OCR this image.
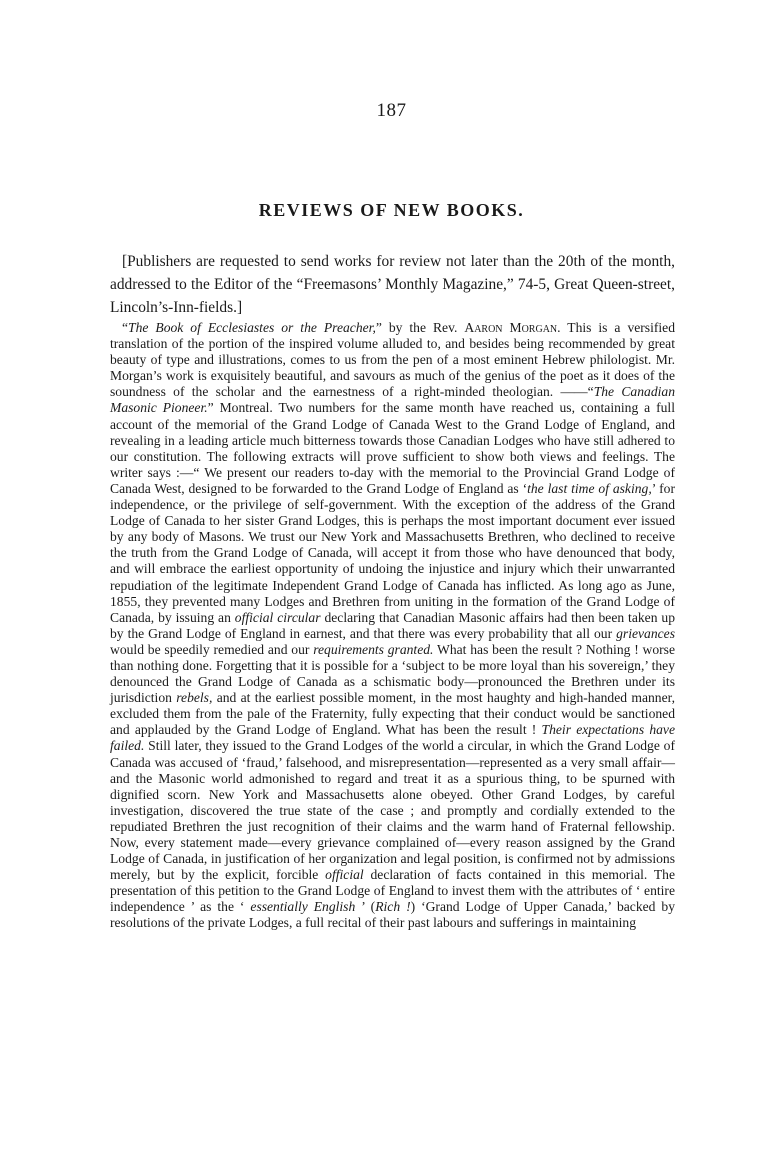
187
REVIEWS OF NEW BOOKS.

[Publishers are requested to send works for review not later than the 20th of the month, addressed to the Editor of the “Freemasons’ Monthly Magazine,” 74-5, Great Queen-street, Lincoln’s-Inn-fields.]

“The Book of Ecclesiastes or the Preacher,” by the Rev. Aaron Morgan. This is a versified translation of the portion of the inspired volume alluded to, and besides being recommended by great beauty of type and illustrations, comes to us from the pen of a most eminent Hebrew philologist. Mr. Morgan’s work is exquisitely beautiful, and savours as much of the genius of the poet as it does of the soundness of the scholar and the earnestness of a right-minded theologian. ——“The Canadian Masonic Pioneer.” Montreal. Two numbers for the same month have reached us, containing a full account of the memorial of the Grand Lodge of Canada West to the Grand Lodge of England, and revealing in a leading article much bitterness towards those Canadian Lodges who have still adhered to our constitution. The following extracts will prove sufficient to show both views and feelings. The writer says :—“ We present our readers to-day with the memorial to the Provincial Grand Lodge of Canada West, designed to be forwarded to the Grand Lodge of England as ‘the last time of asking,’ for independence, or the privilege of self-government. With the exception of the address of the Grand Lodge of Canada to her sister Grand Lodges, this is perhaps the most important document ever issued by any body of Masons. We trust our New York and Massachusetts Brethren, who declined to receive the truth from the Grand Lodge of Canada, will accept it from those who have denounced that body, and will embrace the earliest opportunity of undoing the injustice and injury which their unwarranted repudiation of the legitimate Independent Grand Lodge of Canada has inflicted. As long ago as June, 1855, they prevented many Lodges and Brethren from uniting in the formation of the Grand Lodge of Canada, by issuing an official circular declaring that Canadian Masonic affairs had then been taken up by the Grand Lodge of England in earnest, and that there was every probability that all our grievances would be speedily remedied and our requirements granted. What has been the result ? Nothing ! worse than nothing done. Forgetting that it is possible for a ‘subject to be more loyal than his sovereign,’ they denounced the Grand Lodge of Canada as a schismatic body—pronounced the Brethren under its jurisdiction rebels, and at the earliest possible moment, in the most haughty and high-handed manner, excluded them from the pale of the Fraternity, fully expecting that their conduct would be sanctioned and applauded by the Grand Lodge of England. What has been the result ! Their expectations have failed. Still later, they issued to the Grand Lodges of the world a circular, in which the Grand Lodge of Canada was accused of ‘fraud,’ falsehood, and misrepresentation—represented as a very small affair—and the Masonic world admonished to regard and treat it as a spurious thing, to be spurned with dignified scorn. New York and Massachusetts alone obeyed. Other Grand Lodges, by careful investigation, discovered the true state of the case ; and promptly and cordially extended to the repudiated Brethren the just recognition of their claims and the warm hand of Fraternal fellowship. Now, every statement made—every grievance complained of—every reason assigned by the Grand Lodge of Canada, in justification of her organization and legal position, is confirmed not by admissions merely, but by the explicit, forcible official declaration of facts contained in this memorial. The presentation of this petition to the Grand Lodge of England to invest them with the attributes of ‘ entire independence ’ as the ‘ essentially English ’ (Rich !) ‘Grand Lodge of Upper Canada,’ backed by resolutions of the private Lodges, a full recital of their past labours and sufferings in maintaining
